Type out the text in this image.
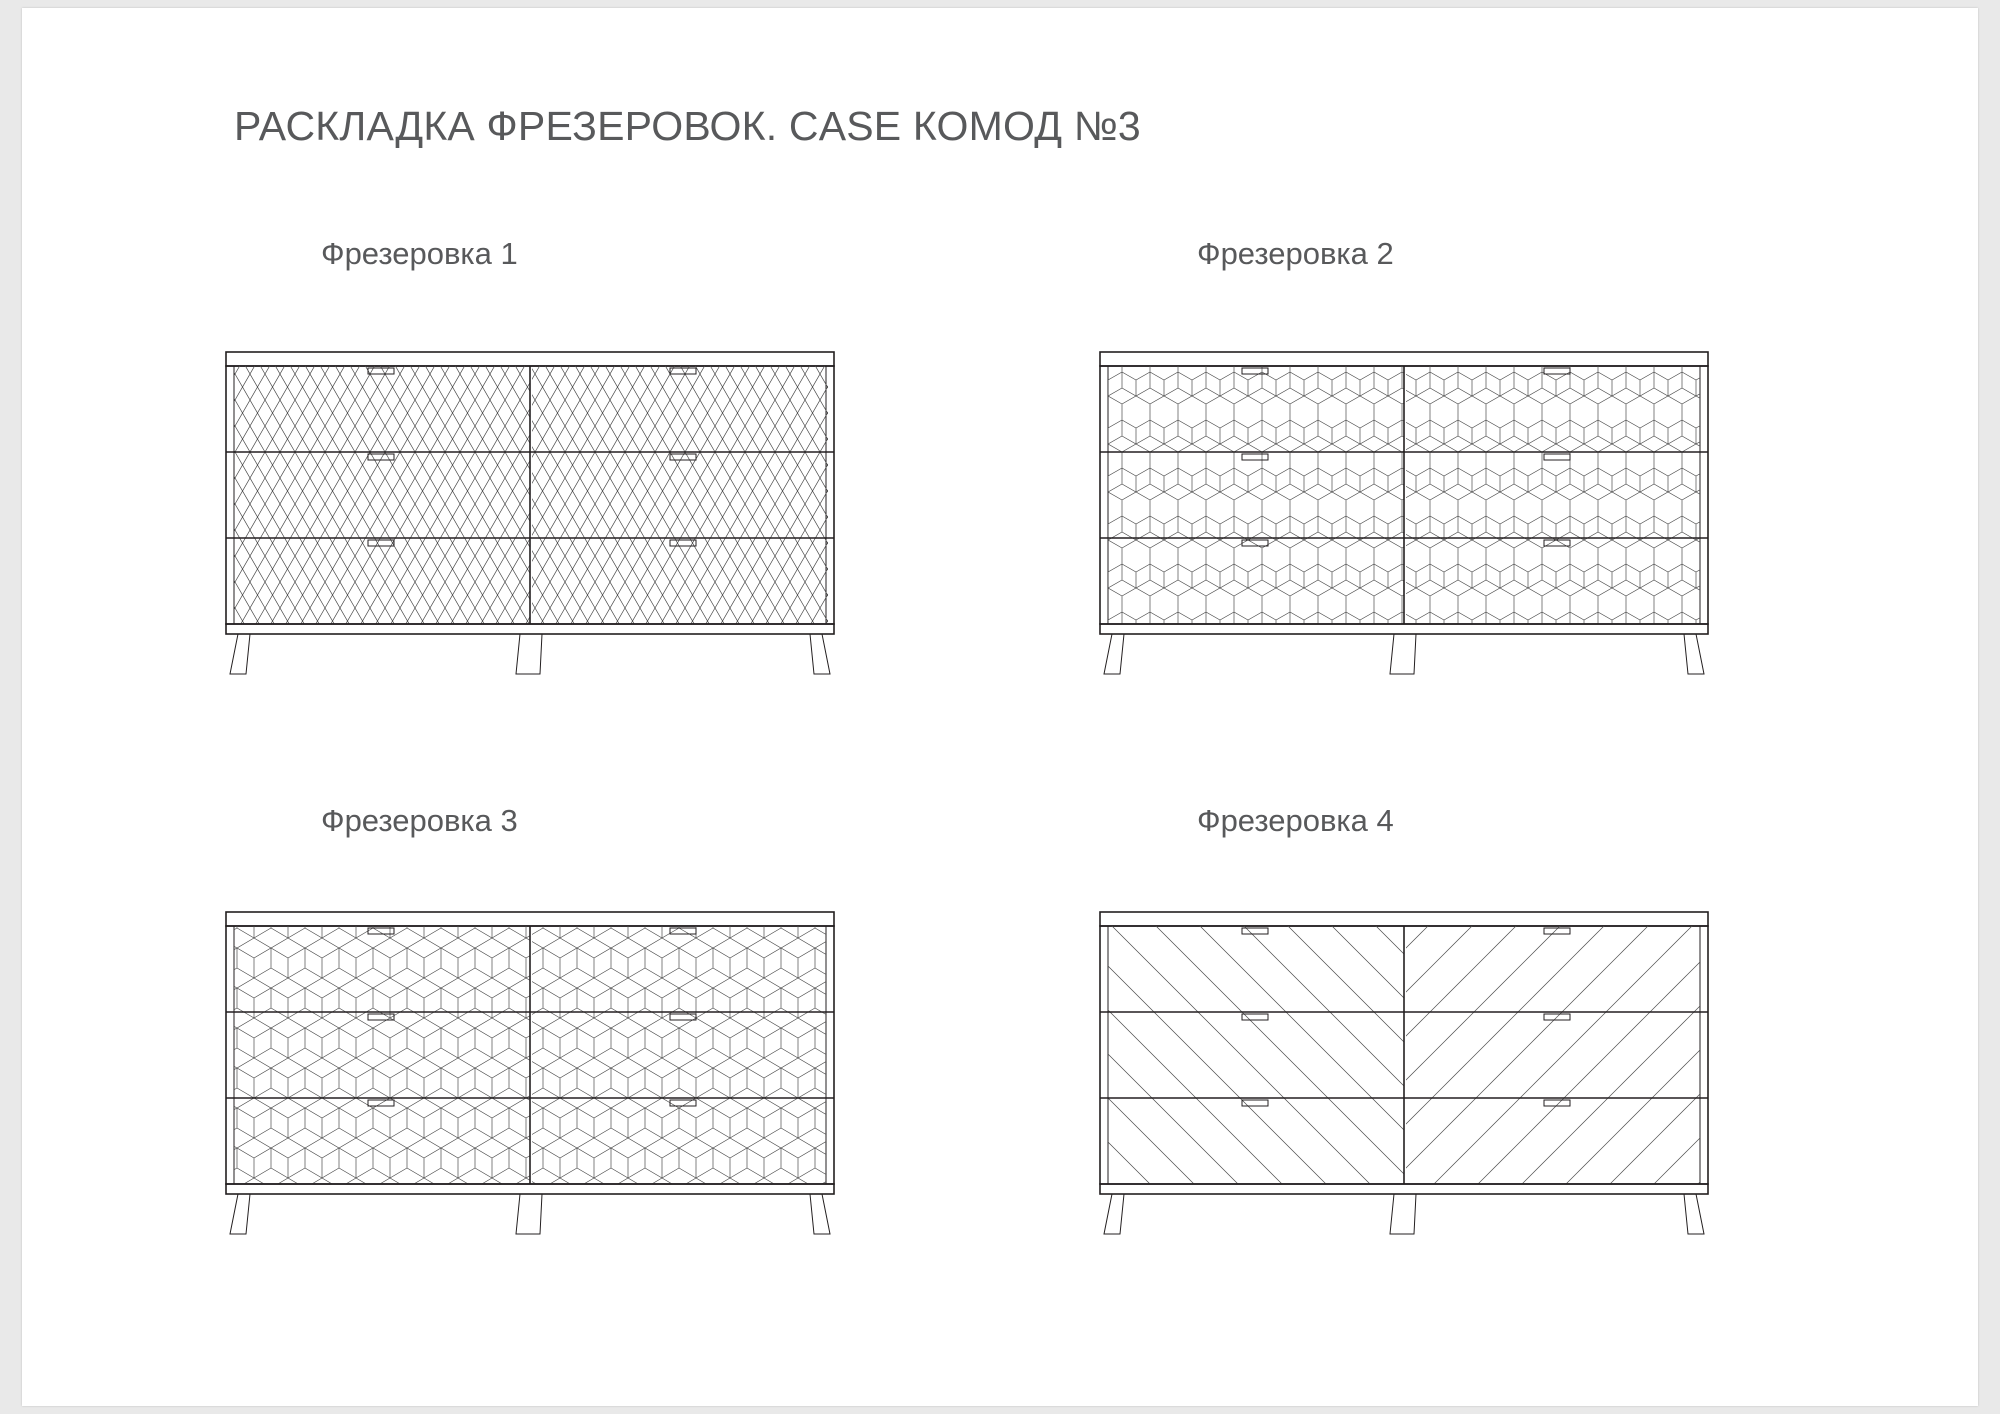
РАСКЛАДКА ФРЕЗЕРОВОК. CASE КОМОД №3
Фрезеровка 1	Фрезеровка 2
Фрезеровка 3	Фрезеровка 4
